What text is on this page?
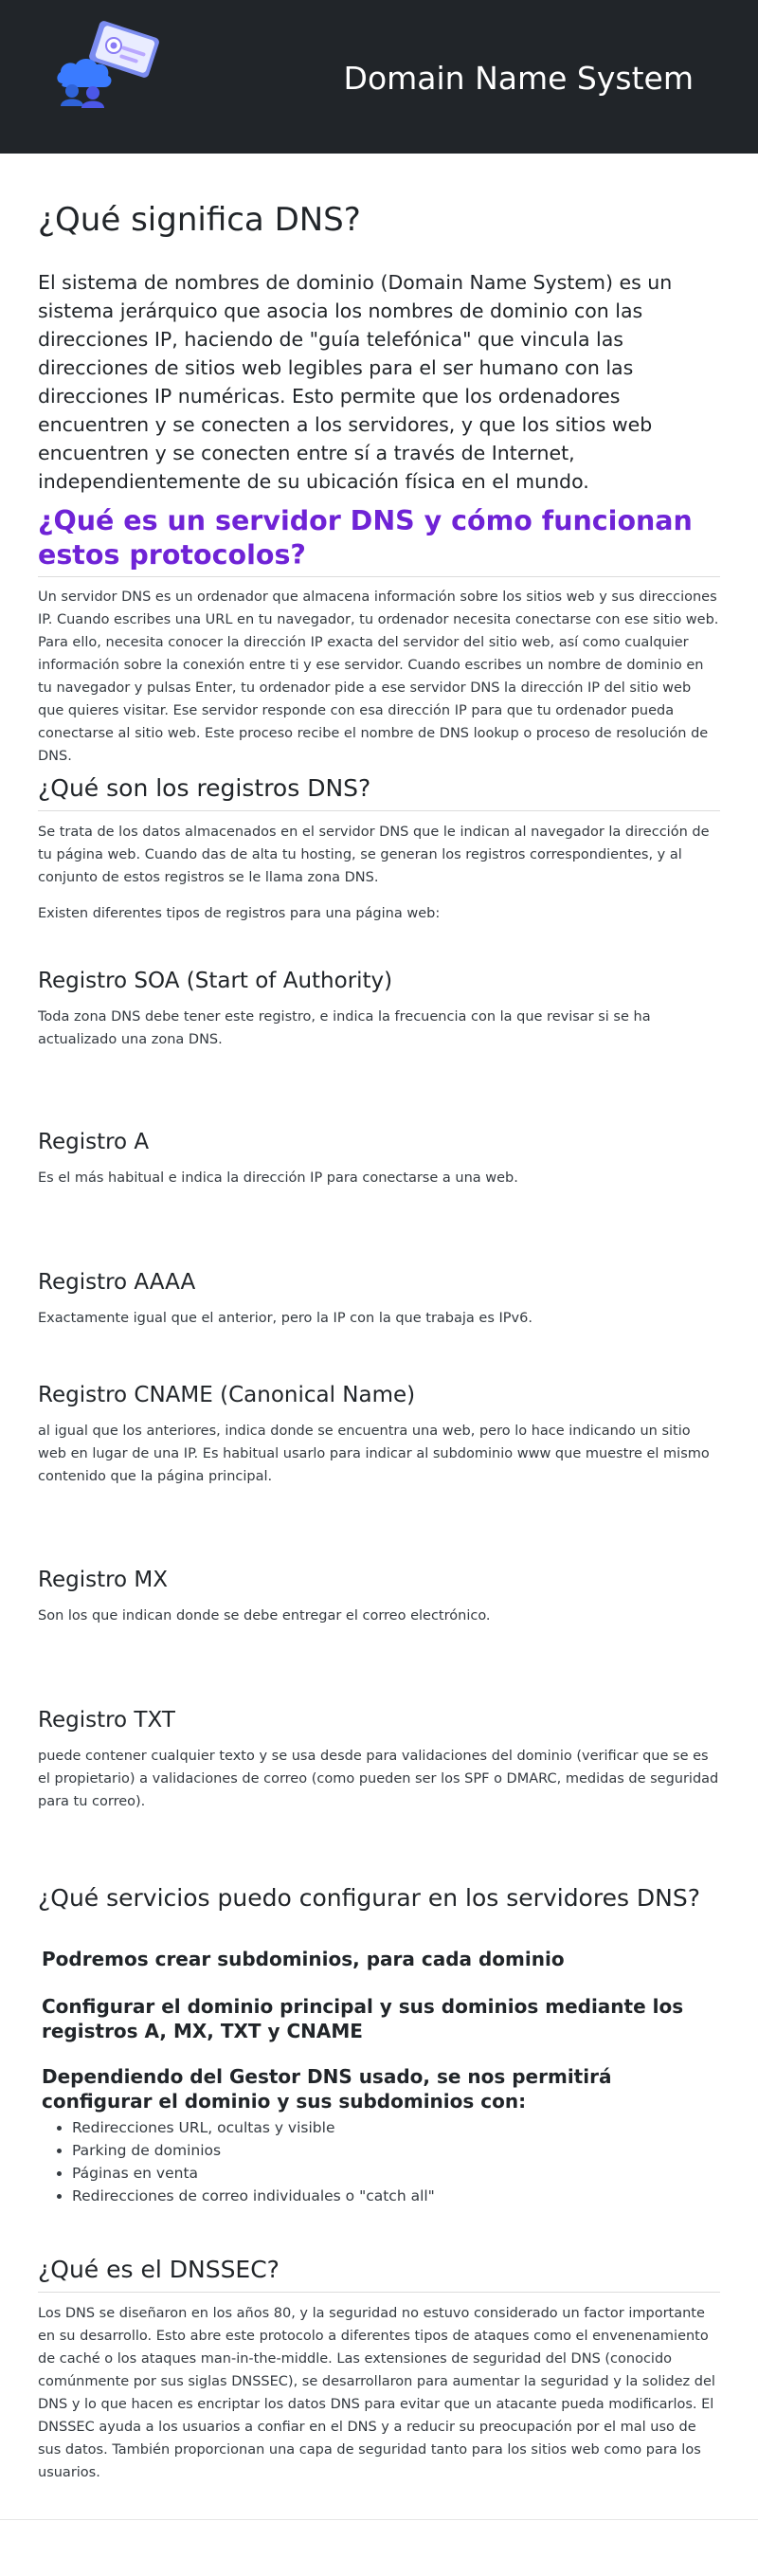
Domain Name System
¿Qué significa DNS?

El sistema de nombres de dominio (Domain Name System) es un sistema jerárquico que asocia los nombres de dominio con las direcciones IP, haciendo de "guía telefónica" que vincula las direcciones de sitios web legibles para el ser humano con las direcciones IP numéricas. Esto permite que los ordenadores encuentren y se conecten a los servidores, y que los sitios web encuentren y se conecten entre sí a través de Internet, independientemente de su ubicación física en el mundo.

¿Qué es un servidor DNS y cómo funcionan estos protocolos?

Un servidor DNS es un ordenador que almacena información sobre los sitios web y sus direcciones IP. Cuando escribes una URL en tu navegador, tu ordenador necesita conectarse con ese sitio web. Para ello, necesita conocer la dirección IP exacta del servidor del sitio web, así como cualquier información sobre la conexión entre ti y ese servidor. Cuando escribes un nombre de dominio en tu navegador y pulsas Enter, tu ordenador pide a ese servidor DNS la dirección IP del sitio web que quieres visitar. Ese servidor responde con esa dirección IP para que tu ordenador pueda conectarse al sitio web. Este proceso recibe el nombre de DNS lookup o proceso de resolución de DNS.

¿Qué son los registros DNS?

Se trata de los datos almacenados en el servidor DNS que le indican al navegador la dirección de tu página web. Cuando das de alta tu hosting, se generan los registros correspondientes, y al conjunto de estos registros se le llama zona DNS.

Existen diferentes tipos de registros para una página web:

Registro SOA (Start of Authority)

Toda zona DNS debe tener este registro, e indica la frecuencia con la que revisar si se ha actualizado una zona DNS.

Registro A

Es el más habitual e indica la dirección IP para conectarse a una web.

Registro AAAA

Exactamente igual que el anterior, pero la IP con la que trabaja es IPv6.

Registro CNAME (Canonical Name)

al igual que los anteriores, indica donde se encuentra una web, pero lo hace indicando un sitio web en lugar de una IP. Es habitual usarlo para indicar al subdominio www que muestre el mismo contenido que la página principal.

Registro MX

Son los que indican donde se debe entregar el correo electrónico.

Registro TXT

puede contener cualquier texto y se usa desde para validaciones del dominio (verificar que se es el propietario) a validaciones de correo (como pueden ser los SPF o DMARC, medidas de seguridad para tu correo).

¿Qué servicios puedo configurar en los servidores DNS?
Podremos crear subdominios, para cada dominio
Configurar el dominio principal y sus dominios mediante los registros A, MX, TXT y CNAME
Dependiendo del Gestor DNS usado, se nos permitirá configurar el dominio y sus subdominios con:
• Redirecciones URL, ocultas y visible
• Parking de dominios
• Páginas en venta
• Redirecciones de correo individuales o "catch all"
¿Qué es el DNSSEC?

Los DNS se diseñaron en los años 80, y la seguridad no estuvo considerado un factor importante en su desarrollo. Esto abre este protocolo a diferentes tipos de ataques como el envenenamiento de caché o los ataques man-in-the-middle. Las extensiones de seguridad del DNS (conocido comúnmente por sus siglas DNSSEC), se desarrollaron para aumentar la seguridad y la solidez del DNS y lo que hacen es encriptar los datos DNS para evitar que un atacante pueda modificarlos. El DNSSEC ayuda a los usuarios a confiar en el DNS y a reducir su preocupación por el mal uso de sus datos. También proporcionan una capa de seguridad tanto para los sitios web como para los usuarios.
